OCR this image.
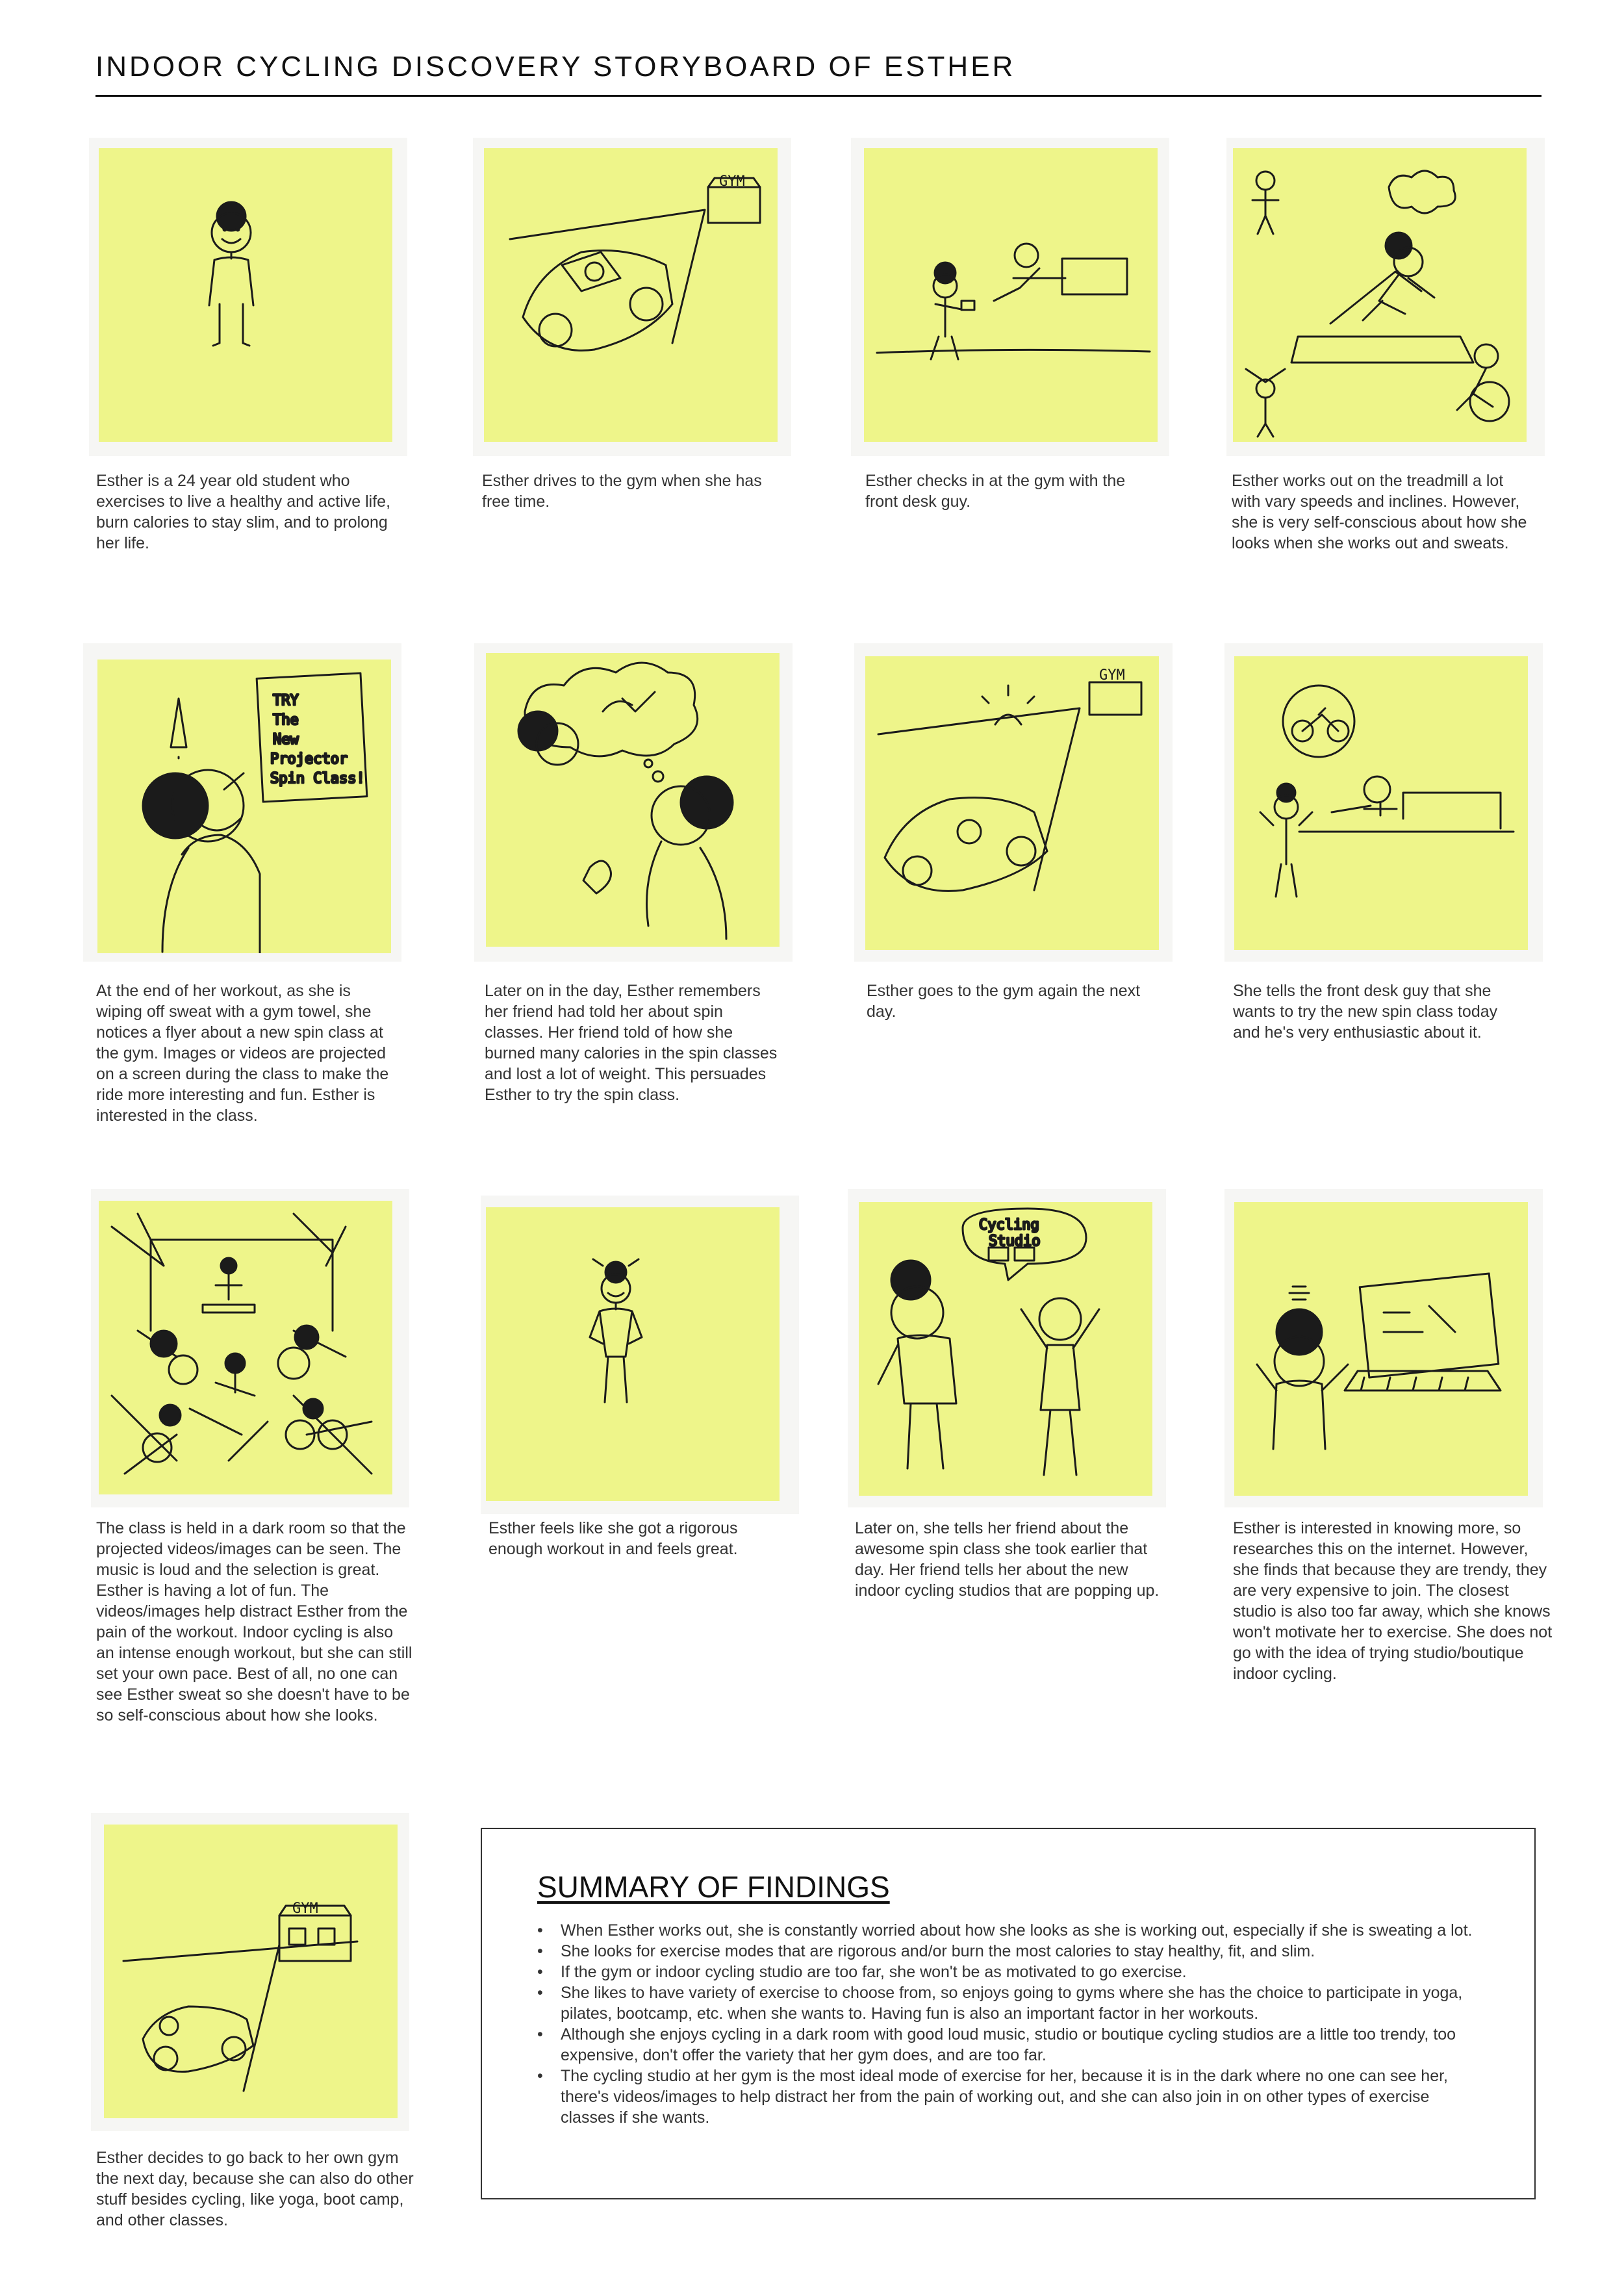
INDOOR CYCLING DISCOVERY STORYBOARD OF ESTHER

Esther is a 24 year old student who exercises to live a healthy and active life, burn calories to stay slim, and to prolong her life.

GYM

Esther drives to the gym when she has free time.

Esther checks in at the gym with the front desk guy.

Esther works out on the treadmill a lot with vary speeds and inclines. However, she is very self-conscious about how she looks when she works out and sweats.

TRY The New Projector Spin Class!

At the end of her workout, as she is wiping off sweat with a gym towel, she notices a flyer about a new spin class at the gym. Images or videos are projected on a screen during the class to make the ride more interesting and fun. Esther is interested in the class.

Later on in the day, Esther remembers her friend had told her about spin classes. Her friend told of how she burned many calories in the spin classes and lost a lot of weight. This persuades Esther to try the spin class.

GYM

Esther goes to the gym again the next day.

She tells the front desk guy that she wants to try the new spin class today and he's very enthusiastic about it.

The class is held in a dark room so that the projected videos/images can be seen. The music is loud and the selection is great. Esther is having a lot of fun. The videos/images help distract Esther from the pain of the workout. Indoor cycling is also an intense enough workout, but she can still set your own pace. Best of all, no one can see Esther sweat so she doesn't have to be so self-conscious about how she looks.

Esther feels like she got a rigorous enough workout in and feels great.

Cycling Studio

Later on, she tells her friend about the awesome spin class she took earlier that day. Her friend tells her about the new indoor cycling studios that are popping up.

Esther is interested in knowing more, so researches this on the internet. However, she finds that because they are trendy, they are very expensive to join. The closest studio is also too far away, which she knows won't motivate her to exercise. She does not go with the idea of trying studio/boutique indoor cycling.

GYM

Esther decides to go back to her own gym the next day, because she can also do other stuff besides cycling, like yoga, boot camp, and other classes.

SUMMARY OF FINDINGS
• When Esther works out, she is constantly worried about how she looks as she is working out, especially if she is sweating a lot.
• She looks for exercise modes that are rigorous and/or burn the most calories to stay healthy, fit, and slim.
• If the gym or indoor cycling studio are too far, she won't be as motivated to go exercise.
• She likes to have variety of exercise to choose from, so enjoys going to gyms where she has the choice to participate in yoga, pilates, bootcamp, etc. when she wants to. Having fun is also an important factor in her workouts.
• Although she enjoys cycling in a dark room with good loud music, studio or boutique cycling studios are a little too trendy, too expensive, don't offer the variety that her gym does, and are too far.
• The cycling studio at her gym is the most ideal mode of exercise for her, because it is in the dark where no one can see her, there's videos/images to help distract her from the pain of working out, and she can also join in on other types of exercise classes if she wants.
